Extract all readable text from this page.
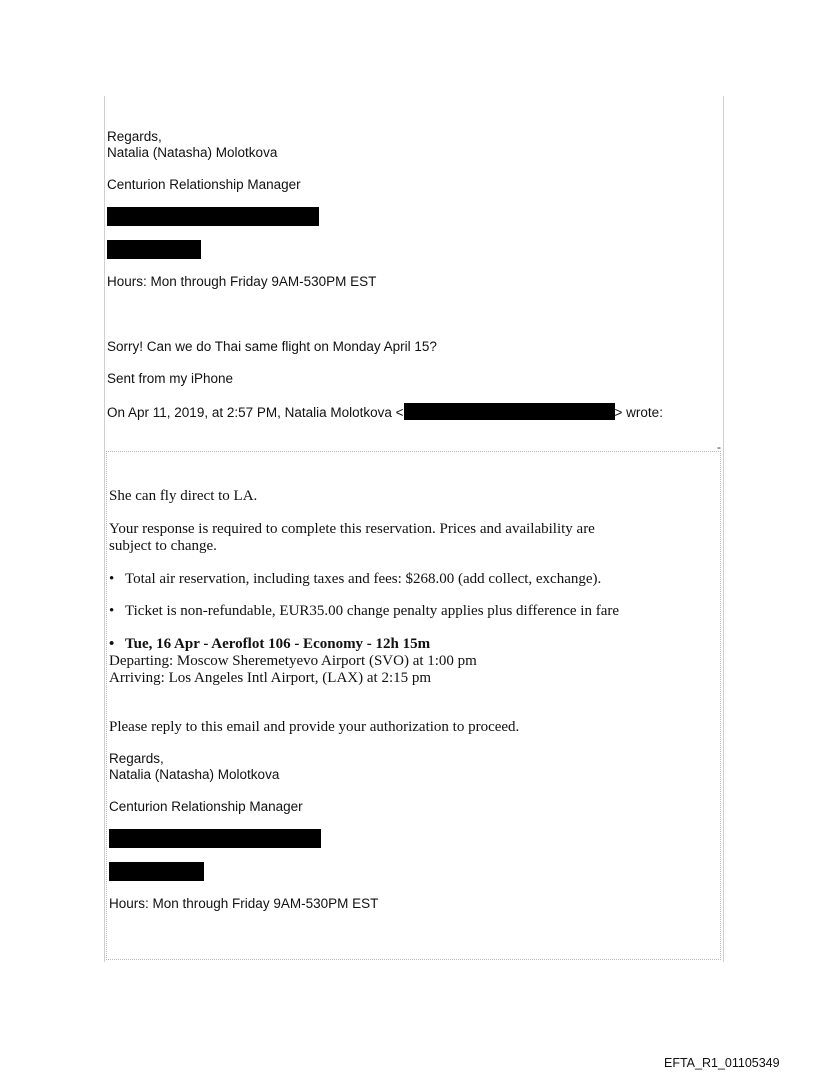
Regards,
Natalia (Natasha) Molotkova
Centurion Relationship Manager
Hours: Mon through Friday 9AM-530PM EST
Sorry! Can we do Thai same flight on Monday April 15?
Sent from my iPhone
On Apr 11, 2019, at 2:57 PM, Natalia Molotkova <	> wrote:
-
She can fly direct to LA.
Your response is required to complete this reservation. Prices and availability are
subject to change.
• Total air reservation, including taxes and fees: $268.00 (add collect, exchange).
• Ticket is non-refundable, EUR35.00 change penalty applies plus difference in fare
• Tue, 16 Apr - Aeroflot 106 - Economy - 12h 15m
Departing: Moscow Sheremetyevo Airport (SVO) at 1:00 pm
Arriving: Los Angeles Intl Airport, (LAX) at 2:15 pm
Please reply to this email and provide your authorization to proceed.
Regards,
Natalia (Natasha) Molotkova
Centurion Relationship Manager
Hours: Mon through Friday 9AM-530PM EST
EFTA_R1_01105349
